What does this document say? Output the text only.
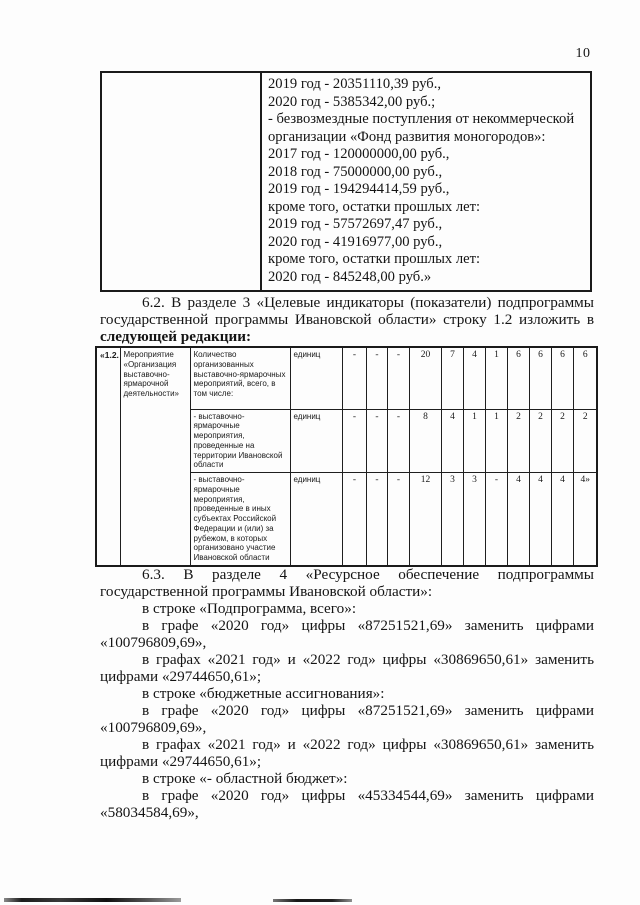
10
2019 год - 20351110,39 руб.,
2020 год - 5385342,00 руб.;
- безвозмездные поступления от некоммерческой
организации «Фонд развития моногородов»:
2017 год - 120000000,00 руб.,
2018 год - 75000000,00 руб.,
2019 год - 194294414,59 руб.,
кроме того, остатки прошлых лет:
2019 год - 57572697,47 руб.,
2020 год - 41916977,00 руб.,
кроме того, остатки прошлых лет:
2020 год - 845248,00 руб.»

6.2. В разделе 3 «Целевые индикаторы (показатели) подпрограммы государственной программы Ивановской области» строку 1.2 изложить в следующей редакции:

«1.2.	Мероприятие «Организация выставочно-ярмарочной деятельности»	Количество организованных выставочно-ярмарочных мероприятий, всего, в том числе:	единиц	-	-	-	20	7	4	1	6	6	6	6
		- выставочно-ярмарочные мероприятия, проведенные на территории Ивановской области	единиц	-	-	-	8	4	1	1	2	2	2	2
		- выставочно-ярмарочные мероприятия, проведенные в иных субъектах Российской Федерации и (или) за рубежом, в которых организовано участие Ивановской области	единиц	-	-	-	12	3	3	-	4	4	4	4»

6.3. В разделе 4 «Ресурсное обеспечение подпрограммы государственной программы Ивановской области»:

в строке «Подпрограмма, всего»:

в графе «2020 год» цифры «87251521,69» заменить цифрами «100796809,69»,

в графах «2021 год» и «2022 год» цифры «30869650,61» заменить цифрами «29744650,61»;

в строке «бюджетные ассигнования»:

в графе «2020 год» цифры «87251521,69» заменить цифрами «100796809,69»,

в графах «2021 год» и «2022 год» цифры «30869650,61» заменить цифрами «29744650,61»;

в строке «- областной бюджет»:

в графе «2020 год» цифры «45334544,69» заменить цифрами «58034584,69»,
